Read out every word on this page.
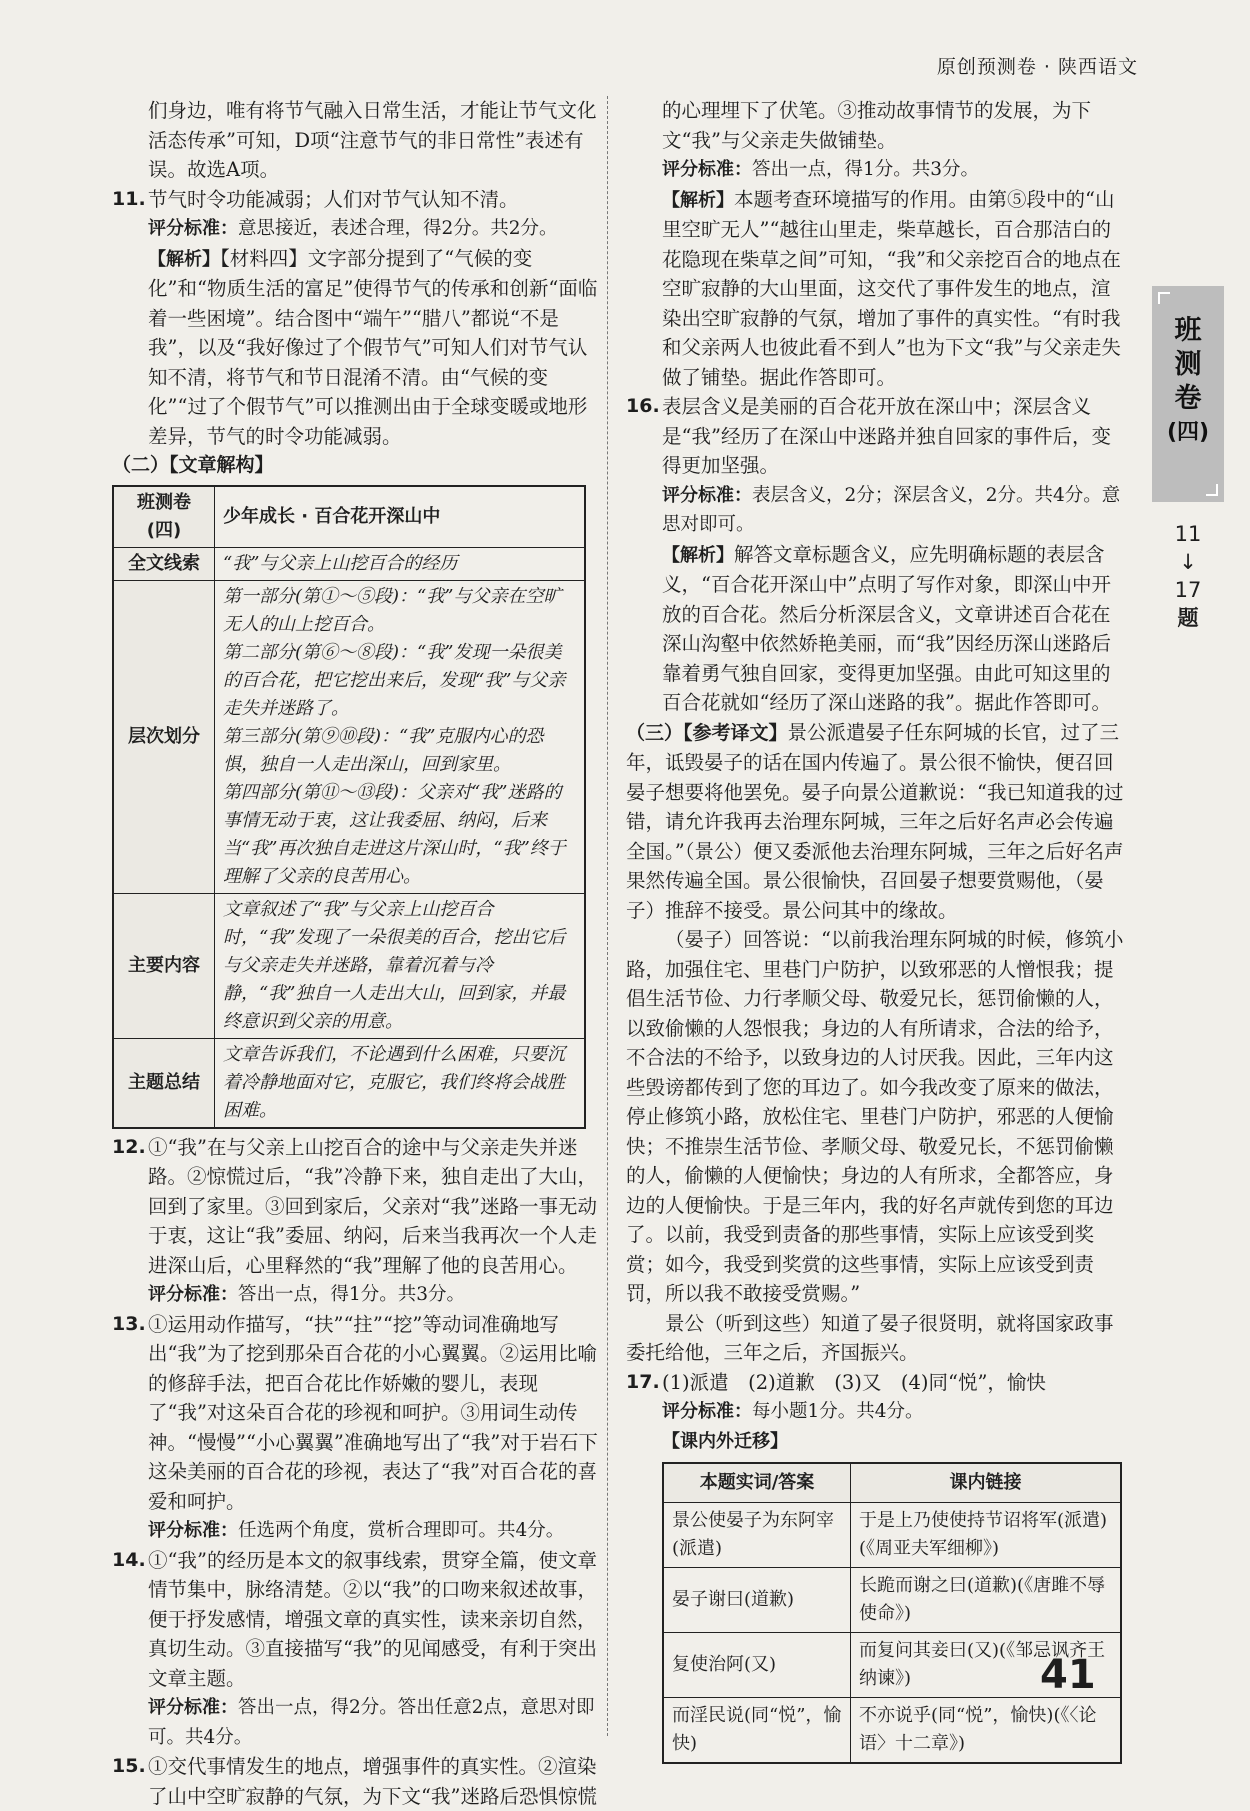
原创预测卷 · 陕西语文

们身边，唯有将节气融入日常生活，才能让节气文化活态传承”可知，D项“注意节气的非日常性”表述有误。故选A项。

11. 节气时令功能减弱；人们对节气认知不清。

评分标准：意思接近，表述合理，得2分。共2分。

【解析】【材料四】文字部分提到了“气候的变化”和“物质生活的富足”使得节气的传承和创新“面临着一些困境”。结合图中“端午”“腊八”都说“不是我”，以及“我好像过了个假节气”可知人们对节气认知不清，将节气和节日混淆不清。由“气候的变化”“过了个假节气”可以推测出由于全球变暖或地形差异，节气的时令功能减弱。

（二）【文章解构】

班测卷(四)	少年成长 · 百合花开深山中
全文线索	“我”与父亲上山挖百合的经历
层次划分	第一部分(第①～⑤段)：“我”与父亲在空旷无人的山上挖百合。
第二部分(第⑥～⑧段)：“我”发现一朵很美的百合花，把它挖出来后，发现“我”与父亲走失并迷路了。
第三部分(第⑨⑩段)：“我”克服内心的恐惧，独自一人走出深山，回到家里。
第四部分(第⑪～⑬段)：父亲对“我”迷路的事情无动于衷，这让我委屈、纳闷，后来当“我”再次独自走进这片深山时，“我”终于理解了父亲的良苦用心。
主要内容	文章叙述了“我”与父亲上山挖百合时，“我”发现了一朵很美的百合，挖出它后与父亲走失并迷路，靠着沉着与冷静，“我”独自一人走出大山，回到家，并最终意识到父亲的用意。
主题总结	文章告诉我们，不论遇到什么困难，只要沉着冷静地面对它，克服它，我们终将会战胜困难。
12. ①“我”在与父亲上山挖百合的途中与父亲走失并迷路。②惊慌过后，“我”冷静下来，独自走出了大山，回到了家里。③回到家后，父亲对“我”迷路一事无动于衷，这让“我”委屈、纳闷，后来当我再次一个人走进深山后，心里释然的“我”理解了他的良苦用心。

评分标准：答出一点，得1分。共3分。

13. ①运用动作描写，“扶”“拄”“挖”等动词准确地写出“我”为了挖到那朵百合花的小心翼翼。②运用比喻的修辞手法，把百合花比作娇嫩的婴儿，表现了“我”对这朵百合花的珍视和呵护。③用词生动传神。“慢慢”“小心翼翼”准确地写出了“我”对于岩石下这朵美丽的百合花的珍视，表达了“我”对百合花的喜爱和呵护。

评分标准：任选两个角度，赏析合理即可。共4分。

14. ①“我”的经历是本文的叙事线索，贯穿全篇，使文章情节集中，脉络清楚。②以“我”的口吻来叙述故事，便于抒发感情，增强文章的真实性，读来亲切自然，真切生动。③直接描写“我”的见闻感受，有利于突出文章主题。

评分标准：答出一点，得2分。答出任意2点，意思对即可。共4分。

15. ①交代事情发生的地点，增强事件的真实性。②渲染了山中空旷寂静的气氛，为下文“我”迷路后恐惧惊慌

的心理埋下了伏笔。③推动故事情节的发展，为下文“我”与父亲走失做铺垫。

评分标准：答出一点，得1分。共3分。

【解析】本题考查环境描写的作用。由第⑤段中的“山里空旷无人”“越往山里走，柴草越长，百合那洁白的花隐现在柴草之间”可知，“我”和父亲挖百合的地点在空旷寂静的大山里面，这交代了事件发生的地点，渲染出空旷寂静的气氛，增加了事件的真实性。“有时我和父亲两人也彼此看不到人”也为下文“我”与父亲走失做了铺垫。据此作答即可。

16. 表层含义是美丽的百合花开放在深山中；深层含义是“我”经历了在深山中迷路并独自回家的事件后，变得更加坚强。

评分标准：表层含义，2分；深层含义，2分。共4分。意思对即可。

【解析】解答文章标题含义，应先明确标题的表层含义，“百合花开深山中”点明了写作对象，即深山中开放的百合花。然后分析深层含义，文章讲述百合花在深山沟壑中依然娇艳美丽，而“我”因经历深山迷路后靠着勇气独自回家，变得更加坚强。由此可知这里的百合花就如“经历了深山迷路的我”。据此作答即可。

（三）【参考译文】景公派遣晏子任东阿城的长官，过了三年，诋毁晏子的话在国内传遍了。景公很不愉快，便召回晏子想要将他罢免。晏子向景公道歉说：“我已知道我的过错，请允许我再去治理东阿城，三年之后好名声必会传遍全国。”（景公）便又委派他去治理东阿城，三年之后好名声果然传遍全国。景公很愉快，召回晏子想要赏赐他，（晏子）推辞不接受。景公问其中的缘故。

（晏子）回答说：“以前我治理东阿城的时候，修筑小路，加强住宅、里巷门户防护，以致邪恶的人憎恨我；提倡生活节俭、力行孝顺父母、敬爱兄长，惩罚偷懒的人，以致偷懒的人怨恨我；身边的人有所请求，合法的给予，不合法的不给予，以致身边的人讨厌我。因此，三年内这些毁谤都传到了您的耳边了。如今我改变了原来的做法，停止修筑小路，放松住宅、里巷门户防护，邪恶的人便愉快；不推崇生活节俭、孝顺父母、敬爱兄长，不惩罚偷懒的人，偷懒的人便愉快；身边的人有所求，全都答应，身边的人便愉快。于是三年内，我的好名声就传到您的耳边了。以前，我受到责备的那些事情，实际上应该受到奖赏；如今，我受到奖赏的这些事情，实际上应该受到责罚，所以我不敢接受赏赐。”

景公（听到这些）知道了晏子很贤明，就将国家政事委托给他，三年之后，齐国振兴。

17. (1)派遣　(2)道歉　(3)又　(4)同“悦”，愉快

评分标准：每小题1分。共4分。

【课内外迁移】

本题实词/答案	课内链接
景公使晏子为东阿宰(派遣)	于是上乃使使持节诏将军(派遣)(《周亚夫军细柳》)
晏子谢曰(道歉)	长跪而谢之曰(道歉)(《唐雎不辱使命》)
复使治阿(又)	而复问其妾曰(又)(《邹忌讽齐王纳谏》)
而淫民说(同“悦”，愉快)	不亦说乎(同“悦”，愉快)(《〈论语〉十二章》)
班
测
卷
(四)
11
↓
17
题
41
